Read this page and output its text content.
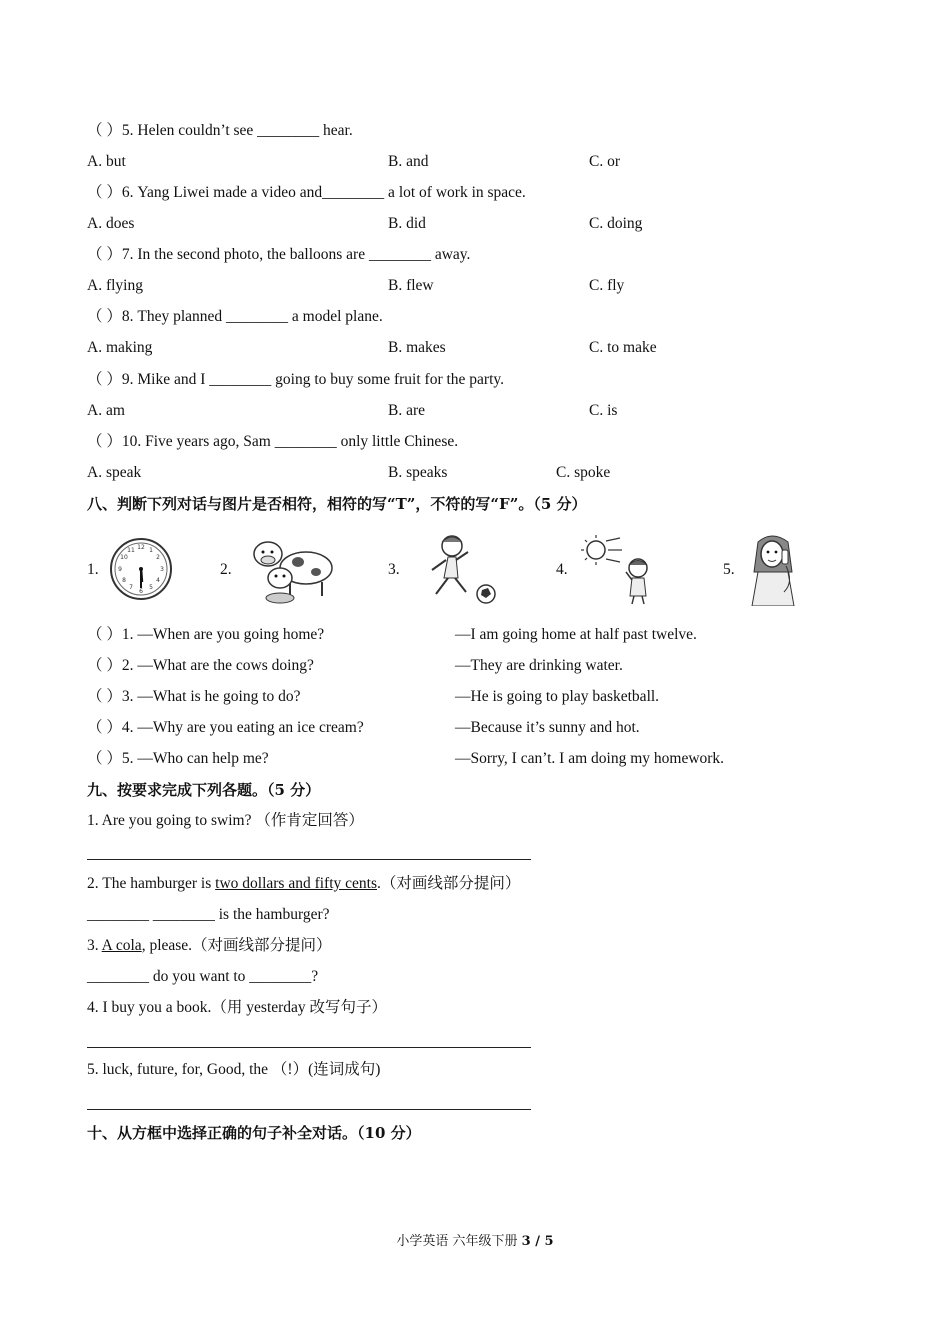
（ ）5. Helen couldn’t see ________ hear.
A. but	B. and	C. or
（ ）6. Yang Liwei made a video and________ a lot of work in space.
A. does	B. did	C. doing
（ ）7. In the second photo, the balloons are ________ away.
A. flying	B. flew	C. fly
（ ）8. They planned ________ a model plane.
A. making	B. makes	C. to make
（ ）9. Mike and I ________ going to buy some fruit for the party.
A. am	B. are	C. is
（ ）10. Five years ago, Sam ________ only little Chinese.
A. speak	B. speaks	C. spoke
八、判断下列对话与图片是否相符，相符的写“T”，不符的写“F”。（5 分）
1.
12 1
2
3
4
5
6
7
8
9
10
11
2.	3.	4.	5.
（ ）1. —When are you going home?	—I am going home at half past twelve.
（ ）2. —What are the cows doing?	—They are drinking water.
（ ）3. —What is he going to do?	—He is going to play basketball.
（ ）4. —Why are you eating an ice cream?	—Because it’s sunny and hot.
（ ）5. —Who can help me?	—Sorry, I can’t. I am doing my homework.
九、按要求完成下列各题。（5 分）
1. Are you going to swim? （作肯定回答）
2. The hamburger is two dollars and fifty cents.（对画线部分提问）
________ ________ is the hamburger?
3. A cola, please.（对画线部分提问）
________ do you want to ________?
4. I buy you a book.（用 yesterday 改写句子）
5. luck, future, for, Good, the （!）(连词成句)
十、从方框中选择正确的句子补全对话。（10 分）
小学英语 六年级下册 3 / 5
